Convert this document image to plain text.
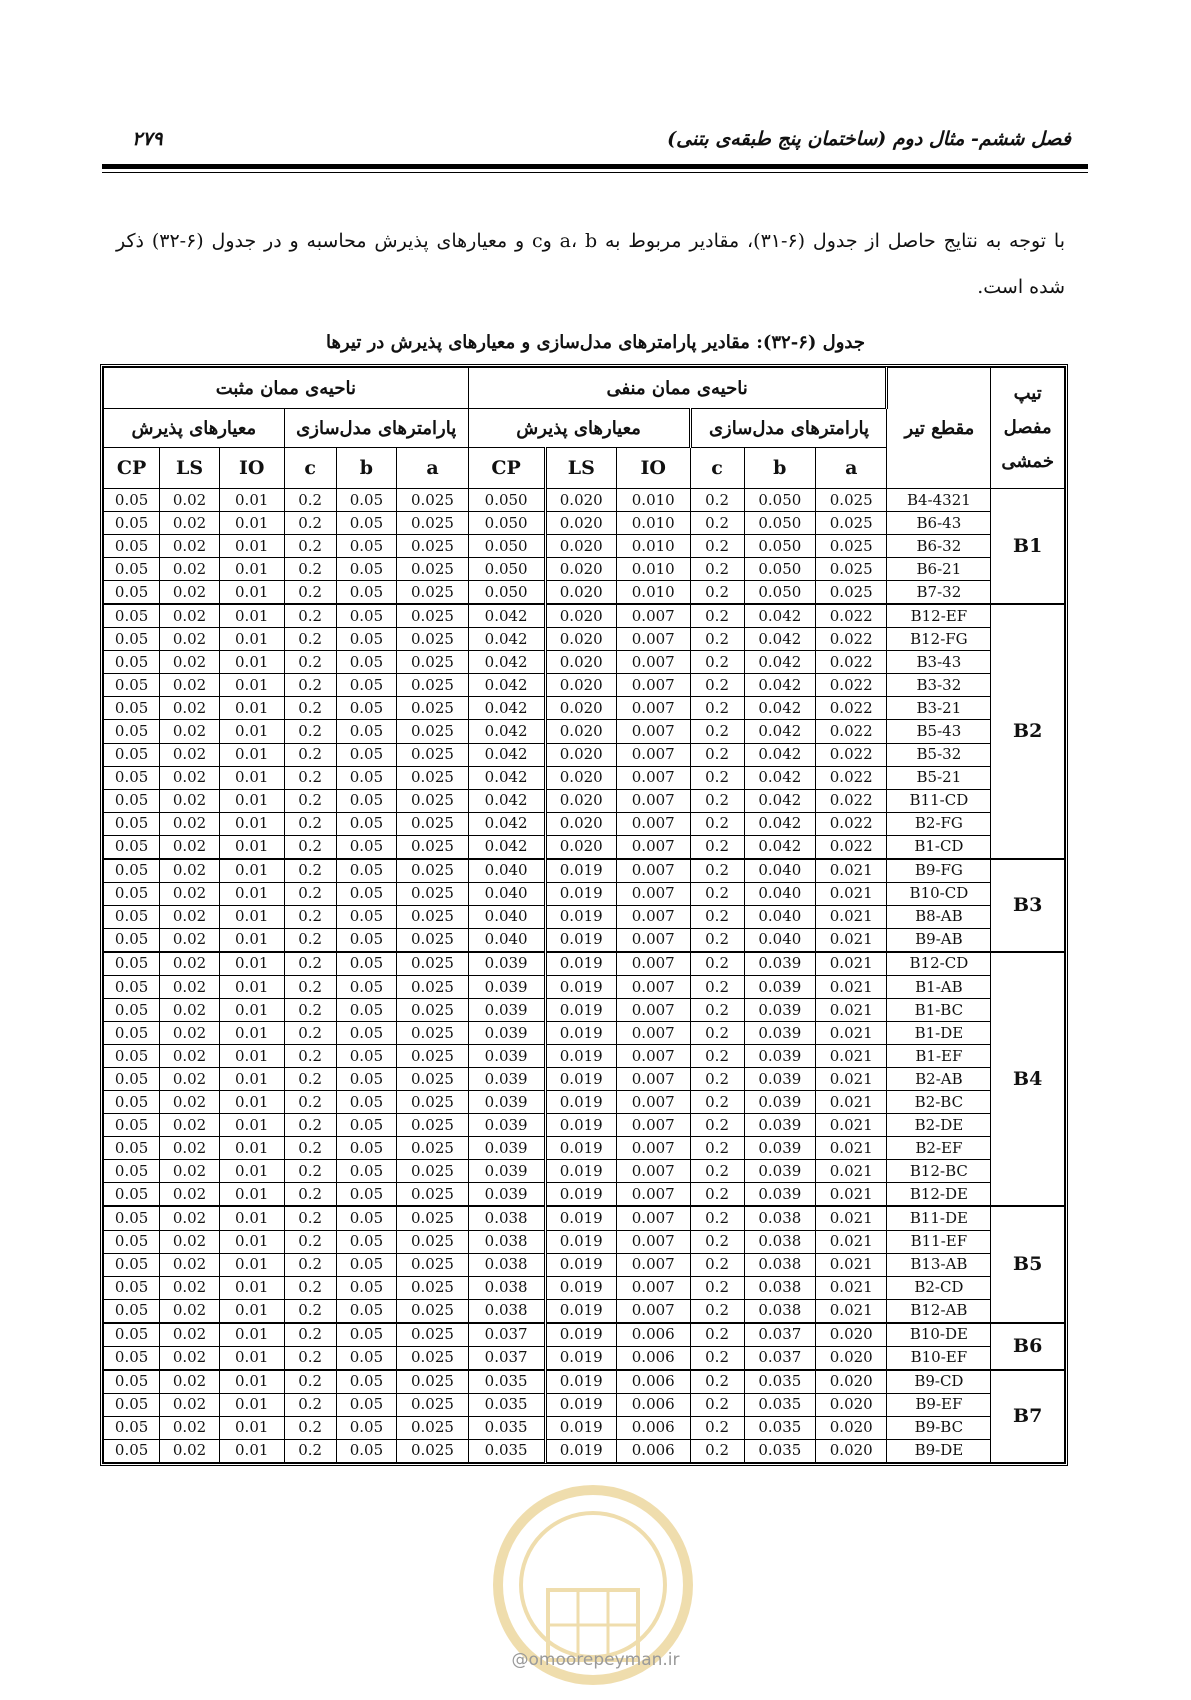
۲۷۹	فصل ششم- مثال دوم (ساختمان پنج طبقه‌ی بتنی)
با توجه به نتایج حاصل از جدول (۶-۳۱)، مقادیر مربوط به a، b وc و معیارهای پذیرش محاسبه و در جدول (۶-۳۲) ذکر شده است.
جدول (۶-۳۲): مقادیر پارامترهای مدل‌سازی و معیارهای پذیرش در تیرها
ناحیه‌ی ممان مثبت						ناحیه‌ی ممان منفی						مقطع تیر	تیپ مفصل خمشی
معیارهای پذیرش			پارامترهای مدل‌سازی			معیارهای پذیرش			پارامترهای مدل‌سازی				
CP	LS	IO	c	b	a	CP	LS	IO	c	b	a		
0.05	0.02	0.01	0.2	0.05	0.025	0.050	0.020	0.010	0.2	0.050	0.025	B4-4321	B1
0.05	0.02	0.01	0.2	0.05	0.025	0.050	0.020	0.010	0.2	0.050	0.025	B6-43	
0.05	0.02	0.01	0.2	0.05	0.025	0.050	0.020	0.010	0.2	0.050	0.025	B6-32	
0.05	0.02	0.01	0.2	0.05	0.025	0.050	0.020	0.010	0.2	0.050	0.025	B6-21	
0.05	0.02	0.01	0.2	0.05	0.025	0.050	0.020	0.010	0.2	0.050	0.025	B7-32	
0.05	0.02	0.01	0.2	0.05	0.025	0.042	0.020	0.007	0.2	0.042	0.022	B12-EF	B2
0.05	0.02	0.01	0.2	0.05	0.025	0.042	0.020	0.007	0.2	0.042	0.022	B12-FG	
0.05	0.02	0.01	0.2	0.05	0.025	0.042	0.020	0.007	0.2	0.042	0.022	B3-43	
0.05	0.02	0.01	0.2	0.05	0.025	0.042	0.020	0.007	0.2	0.042	0.022	B3-32	
0.05	0.02	0.01	0.2	0.05	0.025	0.042	0.020	0.007	0.2	0.042	0.022	B3-21	
0.05	0.02	0.01	0.2	0.05	0.025	0.042	0.020	0.007	0.2	0.042	0.022	B5-43	
0.05	0.02	0.01	0.2	0.05	0.025	0.042	0.020	0.007	0.2	0.042	0.022	B5-32	
0.05	0.02	0.01	0.2	0.05	0.025	0.042	0.020	0.007	0.2	0.042	0.022	B5-21	
0.05	0.02	0.01	0.2	0.05	0.025	0.042	0.020	0.007	0.2	0.042	0.022	B11-CD	
0.05	0.02	0.01	0.2	0.05	0.025	0.042	0.020	0.007	0.2	0.042	0.022	B2-FG	
0.05	0.02	0.01	0.2	0.05	0.025	0.042	0.020	0.007	0.2	0.042	0.022	B1-CD	
0.05	0.02	0.01	0.2	0.05	0.025	0.040	0.019	0.007	0.2	0.040	0.021	B9-FG	B3
0.05	0.02	0.01	0.2	0.05	0.025	0.040	0.019	0.007	0.2	0.040	0.021	B10-CD	
0.05	0.02	0.01	0.2	0.05	0.025	0.040	0.019	0.007	0.2	0.040	0.021	B8-AB	
0.05	0.02	0.01	0.2	0.05	0.025	0.040	0.019	0.007	0.2	0.040	0.021	B9-AB	
0.05	0.02	0.01	0.2	0.05	0.025	0.039	0.019	0.007	0.2	0.039	0.021	B12-CD	B4
0.05	0.02	0.01	0.2	0.05	0.025	0.039	0.019	0.007	0.2	0.039	0.021	B1-AB	
0.05	0.02	0.01	0.2	0.05	0.025	0.039	0.019	0.007	0.2	0.039	0.021	B1-BC	
0.05	0.02	0.01	0.2	0.05	0.025	0.039	0.019	0.007	0.2	0.039	0.021	B1-DE	
0.05	0.02	0.01	0.2	0.05	0.025	0.039	0.019	0.007	0.2	0.039	0.021	B1-EF	
0.05	0.02	0.01	0.2	0.05	0.025	0.039	0.019	0.007	0.2	0.039	0.021	B2-AB	
0.05	0.02	0.01	0.2	0.05	0.025	0.039	0.019	0.007	0.2	0.039	0.021	B2-BC	
0.05	0.02	0.01	0.2	0.05	0.025	0.039	0.019	0.007	0.2	0.039	0.021	B2-DE	
0.05	0.02	0.01	0.2	0.05	0.025	0.039	0.019	0.007	0.2	0.039	0.021	B2-EF	
0.05	0.02	0.01	0.2	0.05	0.025	0.039	0.019	0.007	0.2	0.039	0.021	B12-BC	
0.05	0.02	0.01	0.2	0.05	0.025	0.039	0.019	0.007	0.2	0.039	0.021	B12-DE	
0.05	0.02	0.01	0.2	0.05	0.025	0.038	0.019	0.007	0.2	0.038	0.021	B11-DE	B5
0.05	0.02	0.01	0.2	0.05	0.025	0.038	0.019	0.007	0.2	0.038	0.021	B11-EF	
0.05	0.02	0.01	0.2	0.05	0.025	0.038	0.019	0.007	0.2	0.038	0.021	B13-AB	
0.05	0.02	0.01	0.2	0.05	0.025	0.038	0.019	0.007	0.2	0.038	0.021	B2-CD	
0.05	0.02	0.01	0.2	0.05	0.025	0.038	0.019	0.007	0.2	0.038	0.021	B12-AB	
0.05	0.02	0.01	0.2	0.05	0.025	0.037	0.019	0.006	0.2	0.037	0.020	B10-DE	B6
0.05	0.02	0.01	0.2	0.05	0.025	0.037	0.019	0.006	0.2	0.037	0.020	B10-EF	
0.05	0.02	0.01	0.2	0.05	0.025	0.035	0.019	0.006	0.2	0.035	0.020	B9-CD	B7
0.05	0.02	0.01	0.2	0.05	0.025	0.035	0.019	0.006	0.2	0.035	0.020	B9-EF	
0.05	0.02	0.01	0.2	0.05	0.025	0.035	0.019	0.006	0.2	0.035	0.020	B9-BC	
0.05	0.02	0.01	0.2	0.05	0.025	0.035	0.019	0.006	0.2	0.035	0.020	B9-DE	
@omoorepeyman.ir
